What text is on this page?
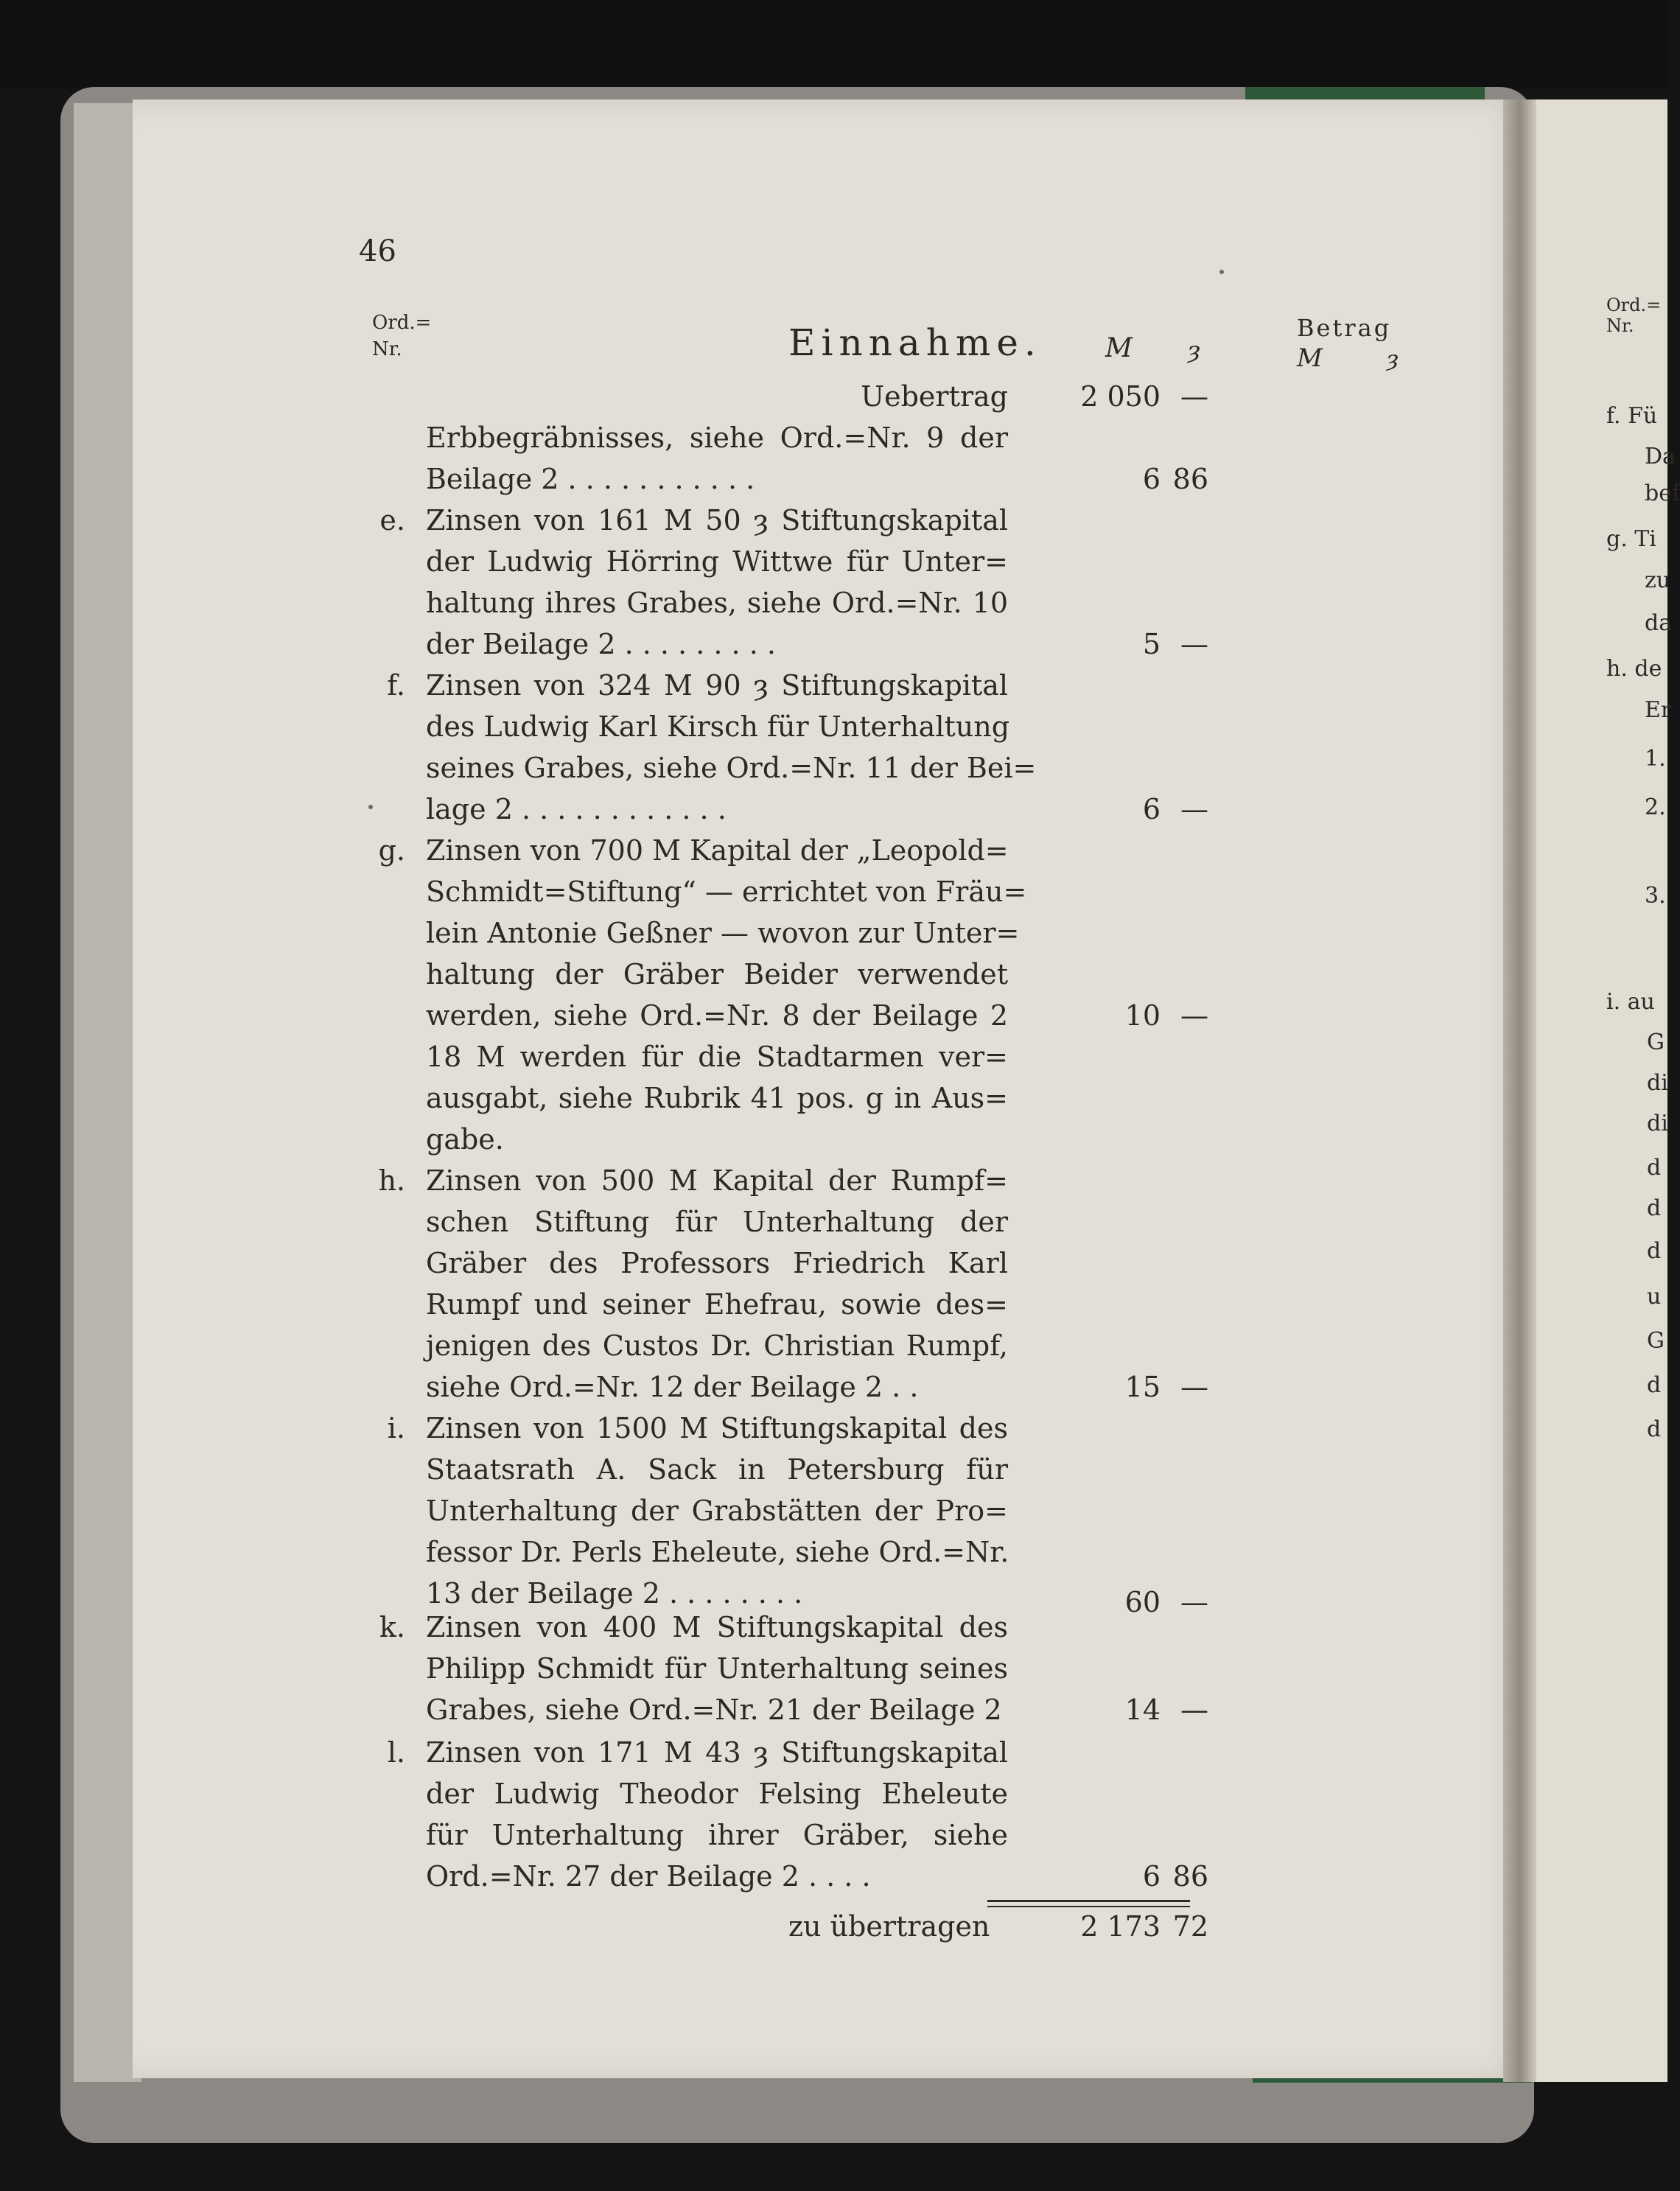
46
Ord.=
Nr.	Einnahme. M ȝ
Betrag
M	ȝ
Uebertrag	2 050 —
Erbbegräbnisses, siehe Ord.=Nr. 9 der
Beilage 2 . . . . . . . . . . .	6 86
e. Zinsen von 161 M 50 ȝ Stiftungskapital
der Ludwig Hörring Wittwe für Unter=
haltung ihres Grabes, siehe Ord.=Nr. 10
der Beilage 2 . . . . . . . . .	5 —
f. Zinsen von 324 M 90 ȝ Stiftungskapital
des Ludwig Karl Kirsch für Unterhaltung
seines Grabes, siehe Ord.=Nr. 11 der Bei=
lage 2 . . . . . . . . . . . .	6 —
g. Zinsen von 700 M Kapital der „Leopold=
Schmidt=Stiftung“ — errichtet von Fräu=
lein Antonie Geßner — wovon zur Unter=
haltung der Gräber Beider verwendet
werden, siehe Ord.=Nr. 8 der Beilage 2
18 M werden für die Stadtarmen ver=
ausgabt, siehe Rubrik 41 pos. g in Aus=
gabe.
10 —
h. Zinsen von 500 M Kapital der Rumpf=
schen Stiftung für Unterhaltung der
Gräber des Professors Friedrich Karl
Rumpf und seiner Ehefrau, sowie des=
jenigen des Custos Dr. Christian Rumpf,
siehe Ord.=Nr. 12 der Beilage 2 . .	15 —
i. Zinsen von 1500 M Stiftungskapital des
Staatsrath A. Sack in Petersburg für
Unterhaltung der Grabstätten der Pro=
fessor Dr. Perls Eheleute, siehe Ord.=Nr.
13 der Beilage 2 . . . . . . . .	60 —
k. Zinsen von 400 M Stiftungskapital des
Philipp Schmidt für Unterhaltung seines
Grabes, siehe Ord.=Nr. 21 der Beilage 2	14 —
l. Zinsen von 171 M 43 ȝ Stiftungskapital
der Ludwig Theodor Felsing Eheleute
für Unterhaltung ihrer Gräber, siehe
Ord.=Nr. 27 der Beilage 2 . . . .	6 86
zu übertragen	2 173 72
Ord.=
Nr.
f. Fü
Da
bef
g. Ti
zu
da
h. de
Er
1.
2.
3.
i. au
G
di
di
d
d
d
u
G
d
d
